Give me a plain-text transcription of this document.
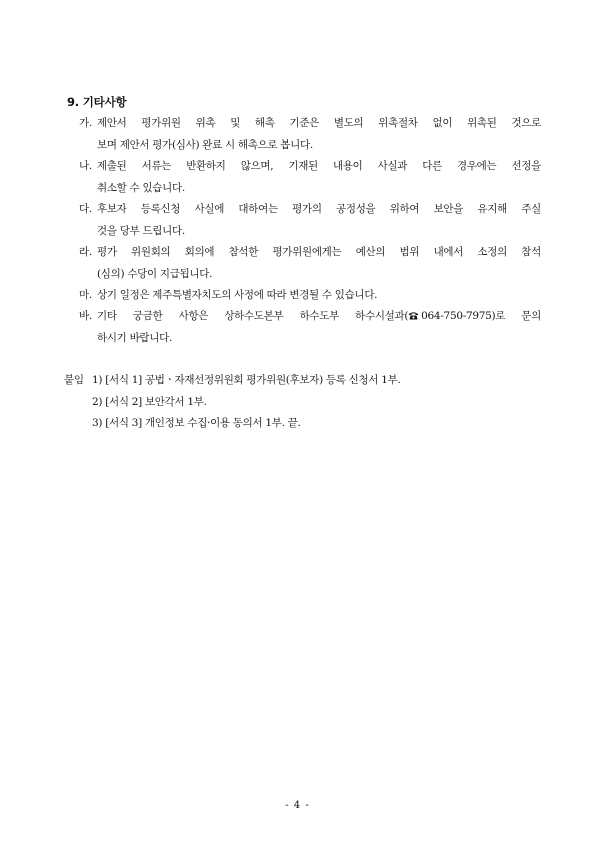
9. 기타사항
가. 제안서 평가위원 위촉 및 해촉 기준은 별도의 위촉절차 없이 위촉된 것으로
보며 제안서 평가(심사) 완료 시 해촉으로 봅니다.
나. 제출된 서류는 반환하지 않으며, 기재된 내용이 사실과 다른 경우에는 선정을
취소할 수 있습니다.
다. 후보자 등록신청 사실에 대하여는 평가의 공정성을 위하여 보안을 유지해 주실
것을 당부 드립니다.
라. 평가 위원회의 회의에 참석한 평가위원에게는 예산의 범위 내에서 소정의 참석
(심의) 수당이 지급됩니다.
마. 상기 일정은 제주특별자치도의 사정에 따라 변경될 수 있습니다.
바. 기타 궁금한 사항은 상하수도본부 하수도부 하수시설과( 064-750-7975)로 문의
하시기 바랍니다.
붙임 1) [서식 1] 공법ㆍ자재선정위원회 평가위원(후보자) 등록 신청서 1부.
2) [서식 2] 보안각서 1부.
3) [서식 3] 개인정보 수집·이용 동의서 1부. 끝.
- 4 -
